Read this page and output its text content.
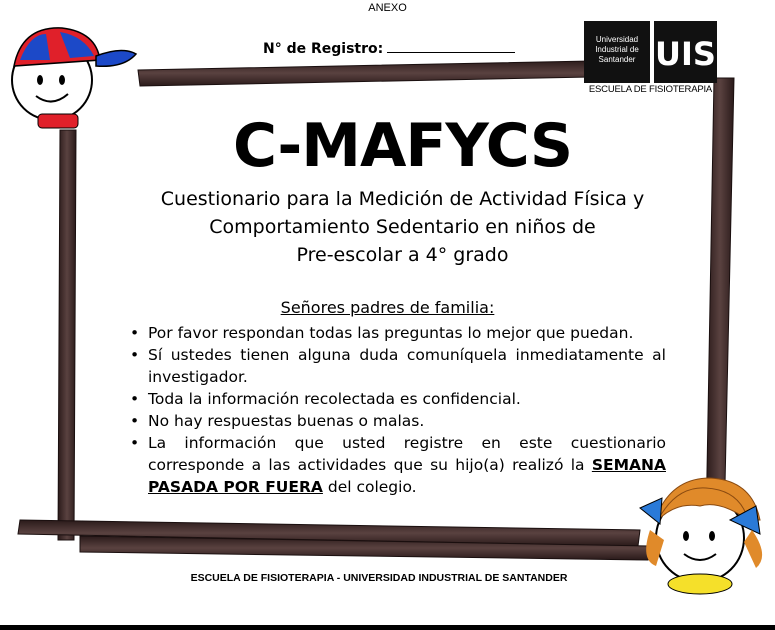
ANEXO
N° de Registro:
Universidad
Industrial de
Santander UIS
ESCUELA DE FISIOTERAPIA
C-MAFYCS
Cuestionario para la Medición de Actividad Física y
Comportamiento Sedentario en niños de
Pre-escolar a 4° grado
Señores padres de familia:
• Por favor respondan todas las preguntas lo mejor que puedan.
• Sí ustedes tienen alguna duda comuníquela inmediatamente al investigador.
• Toda la información recolectada es confidencial.
• No hay respuestas buenas o malas.
• La información que usted registre en este cuestionario corresponde a las actividades que su hijo(a) realizó la SEMANA PASADA POR FUERA del colegio.
ESCUELA DE FISIOTERAPIA - UNIVERSIDAD INDUSTRIAL DE SANTANDER
